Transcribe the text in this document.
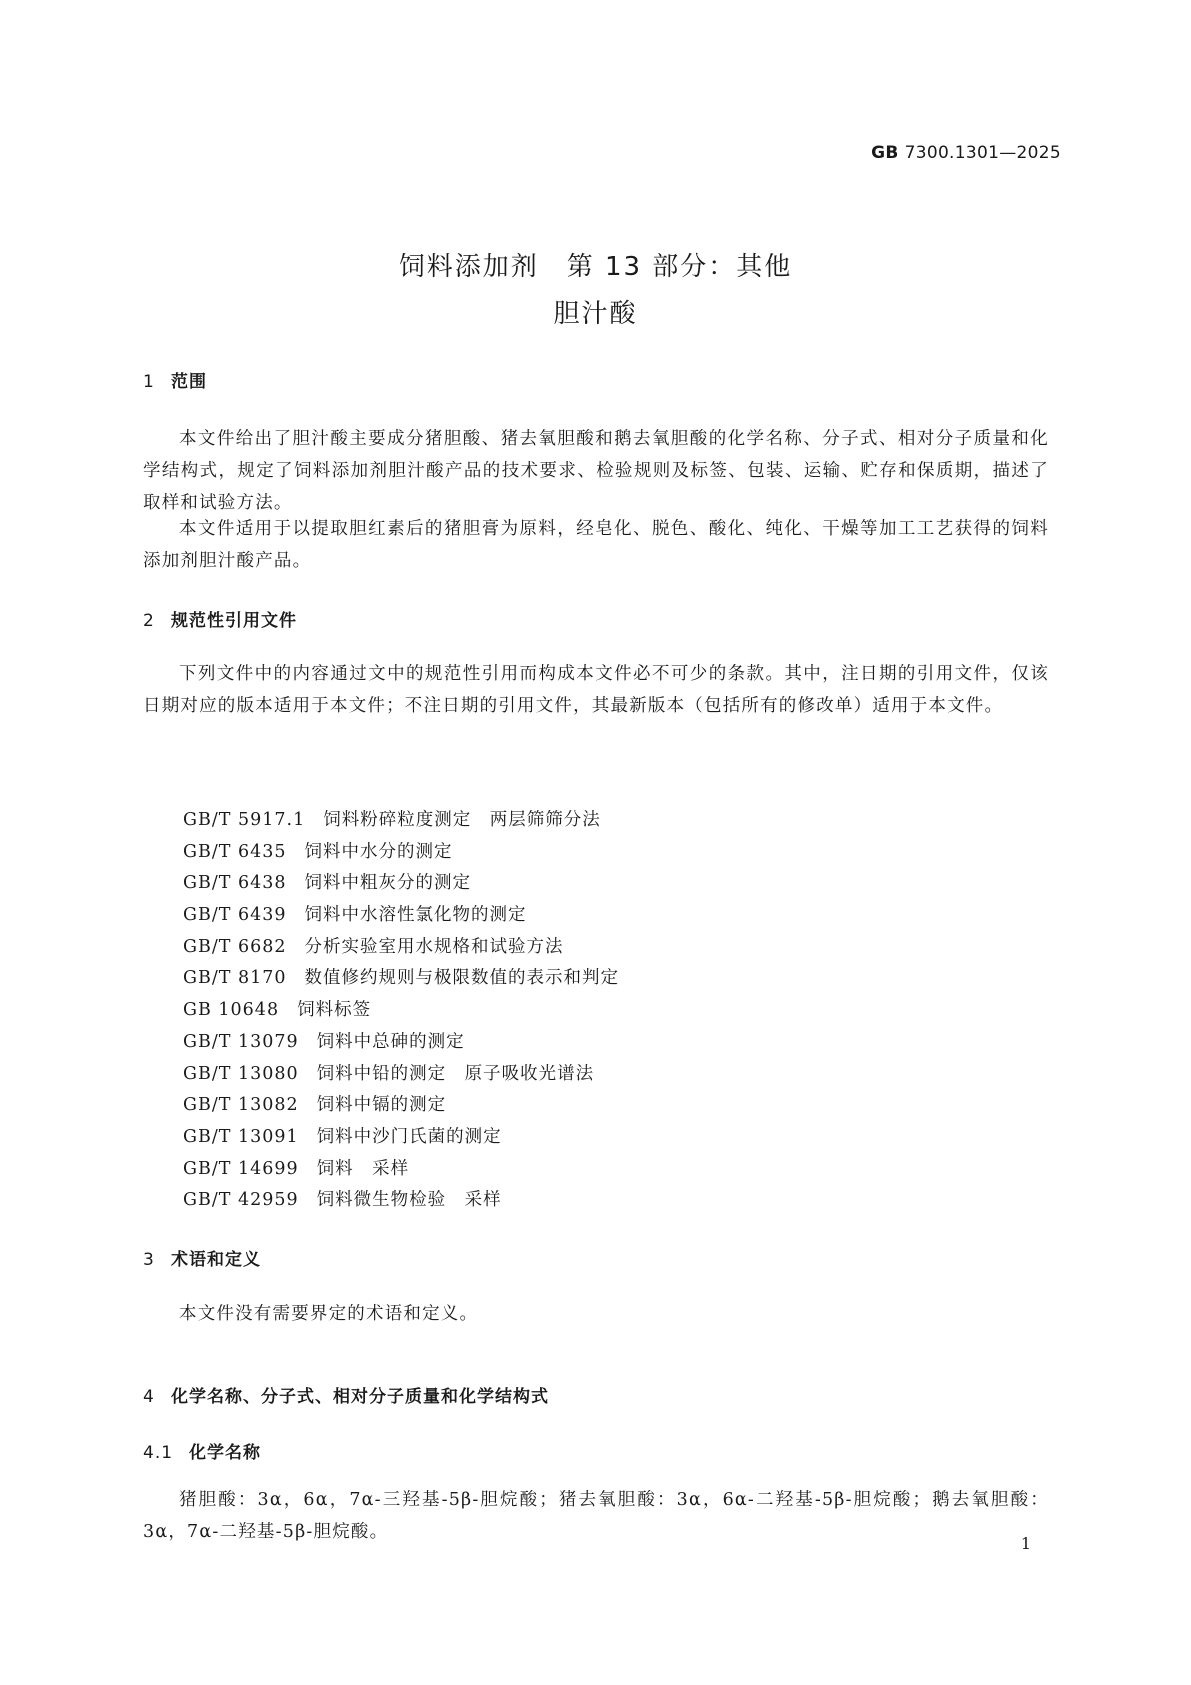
GB 7300.1301—2025
饲料添加剂　第 13 部分：其他
胆汁酸
1 范围

本文件给出了胆汁酸主要成分猪胆酸、猪去氧胆酸和鹅去氧胆酸的化学名称、分子式、相对分子质量和化学结构式，规定了饲料添加剂胆汁酸产品的技术要求、检验规则及标签、包装、运输、贮存和保质期，描述了取样和试验方法。

本文件适用于以提取胆红素后的猪胆膏为原料，经皂化、脱色、酸化、纯化、干燥等加工工艺获得的饲料添加剂胆汁酸产品。

2 规范性引用文件

下列文件中的内容通过文中的规范性引用而构成本文件必不可少的条款。其中，注日期的引用文件，仅该日期对应的版本适用于本文件；不注日期的引用文件，其最新版本（包括所有的修改单）适用于本文件。

GB/T 5917.1 饲料粉碎粒度测定　两层筛筛分法
GB/T 6435 饲料中水分的测定
GB/T 6438 饲料中粗灰分的测定
GB/T 6439 饲料中水溶性氯化物的测定
GB/T 6682 分析实验室用水规格和试验方法
GB/T 8170 数值修约规则与极限数值的表示和判定
GB 10648 饲料标签
GB/T 13079 饲料中总砷的测定
GB/T 13080 饲料中铅的测定　原子吸收光谱法
GB/T 13082 饲料中镉的测定
GB/T 13091 饲料中沙门氏菌的测定
GB/T 14699 饲料　采样
GB/T 42959 饲料微生物检验　采样
3 术语和定义

本文件没有需要界定的术语和定义。

4 化学名称、分子式、相对分子质量和化学结构式
4.1 化学名称

猪胆酸：3α，6α，7α-三羟基-5β-胆烷酸；猪去氧胆酸：3α，6α-二羟基-5β-胆烷酸；鹅去氧胆酸：3α，7α-二羟基-5β-胆烷酸。

1
